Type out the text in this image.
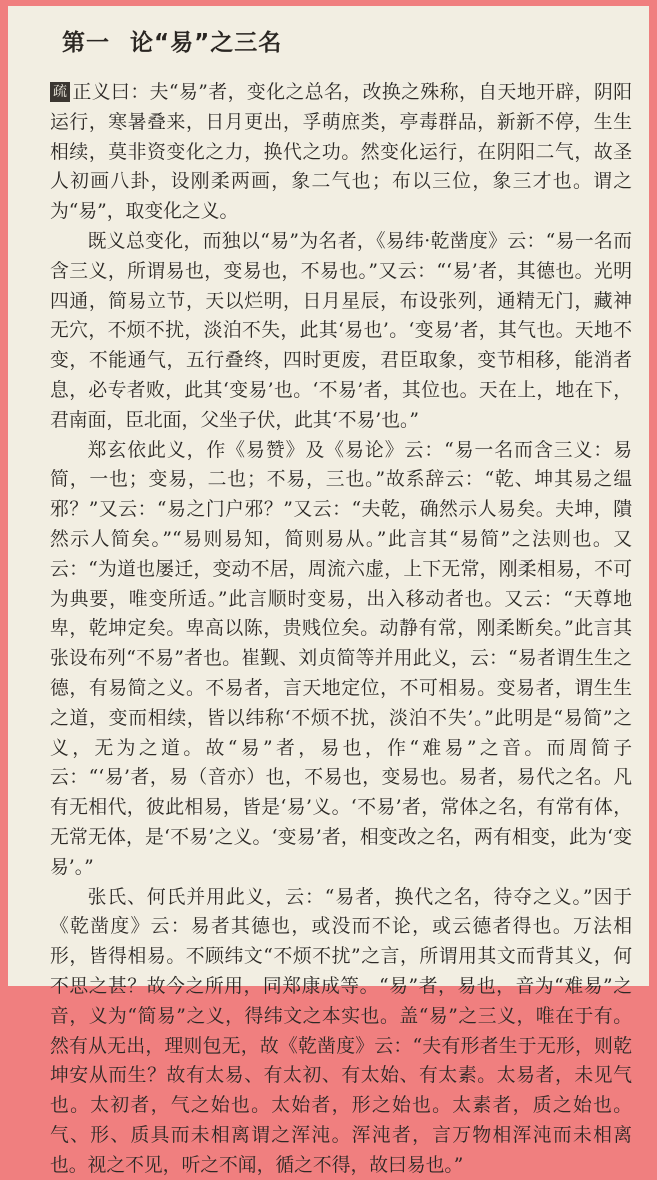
第一 论“易”之三名

疏 正义曰：夫“易”者，变化之总名，改换之殊称，自天地开辟，阴阳运行，寒暑叠来，日月更出，孚萌庶类，亭毒群品，新新不停，生生相续，莫非资变化之力，换代之功。然变化运行，在阴阳二气，故圣人初画八卦，设刚柔两画，象二气也；布以三位，象三才也。谓之为“易”，取变化之义。

既义总变化，而独以“易”为名者，《易纬·乾凿度》云：“易一名而含三义，所谓易也，变易也，不易也。”又云：“‘易’者，其德也。光明四通，简易立节，天以烂明，日月星辰，布设张列，通精无门，藏神无穴，不烦不扰，淡泊不失，此其‘易也’。‘变易’者，其气也。天地不变，不能通气，五行叠终，四时更废，君臣取象，变节相移，能消者息，必专者败，此其‘变易’也。‘不易’者，其位也。天在上，地在下，君南面，臣北面，父坐子伏，此其‘不易’也。”

郑玄依此义，作《易赞》及《易论》云：“易一名而含三义：易简，一也；变易，二也；不易，三也。”故系辞云：“乾、坤其易之缊邪？”又云：“易之门户邪？”又云：“夫乾，确然示人易矣。夫坤，隤然示人简矣。”“易则易知，简则易从。”此言其“易简”之法则也。又云：“为道也屡迁，变动不居，周流六虚，上下无常，刚柔相易，不可为典要，唯变所适。”此言顺时变易，出入移动者也。又云：“天尊地卑，乾坤定矣。卑高以陈，贵贱位矣。动静有常，刚柔断矣。”此言其张设布列“不易”者也。崔觐、刘贞简等并用此义，云：“易者谓生生之德，有易简之义。不易者，言天地定位，不可相易。变易者，谓生生之道，变而相续，皆以纬称‘不烦不扰，淡泊不失’。”此明是“易简”之义，无为之道。故“易”者，易也，作“难易”之音。而周简子云：“‘易’者，易（音亦）也，不易也，变易也。易者，易代之名。凡有无相代，彼此相易，皆是‘易’义。‘不易’者，常体之名，有常有体，无常无体，是‘不易’之义。‘变易’者，相变改之名，两有相变，此为‘变易’。”

张氏、何氏并用此义，云：“易者，换代之名，待夺之义。”因于《乾凿度》云：易者其德也，或没而不论，或云德者得也。万法相形，皆得相易。不顾纬文“不烦不扰”之言，所谓用其文而背其义，何不思之甚？故今之所用，同郑康成等。“易”者，易也，音为“难易”之音，义为“简易”之义，得纬文之本实也。盖“易”之三义，唯在于有。然有从无出，理则包无，故《乾凿度》云：“夫有形者生于无形，则乾坤安从而生？故有太易、有太初、有太始、有太素。太易者，未见气也。太初者，气之始也。太始者，形之始也。太素者，质之始也。气、形、质具而未相离谓之浑沌。浑沌者，言万物相浑沌而未相离也。视之不见，听之不闻，循之不得，故曰易也。”
